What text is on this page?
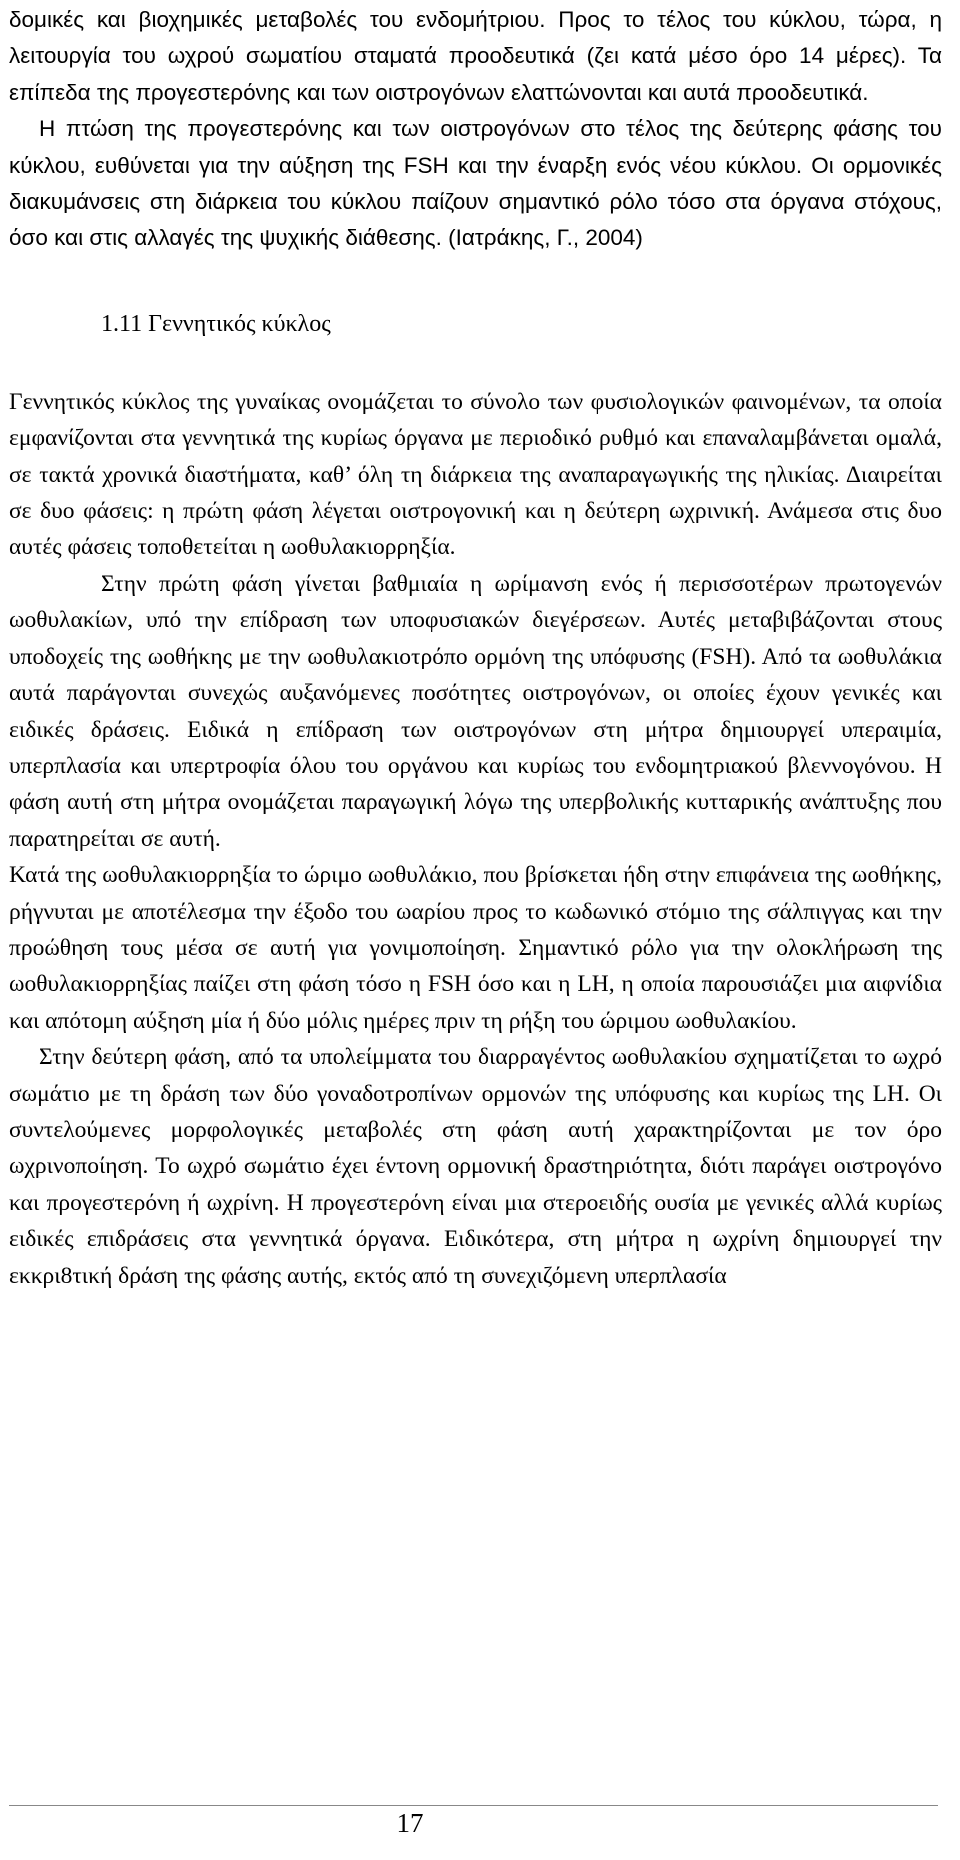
δομικές και βιοχημικές μεταβολές του ενδομήτριου. Προς το τέλος του κύκλου, τώρα, η λειτουργία του ωχρού σωματίου σταματά προοδευτικά (ζει κατά μέσο όρο 14 μέρες). Τα επίπεδα της προγεστερόνης και των οιστρογόνων ελαττώνονται και αυτά προοδευτικά.

Η πτώση της προγεστερόνης και των οιστρογόνων στο τέλος της δεύτερης φάσης του κύκλου, ευθύνεται για την αύξηση της FSH και την έναρξη ενός νέου κύκλου. Οι ορμονικές διακυμάνσεις στη διάρκεια του κύκλου παίζουν σημαντικό ρόλο τόσο στα όργανα στόχους, όσο και στις αλλαγές της ψυχικής διάθεσης. (Ιατράκης, Γ., 2004)

1.11 Γεννητικός κύκλος

Γεννητικός κύκλος της γυναίκας ονομάζεται το σύνολο των φυσιολογικών φαινομένων, τα οποία εμφανίζονται στα γεννητικά της κυρίως όργανα με περιοδικό ρυθμό και επαναλαμβάνεται ομαλά, σε τακτά χρονικά διαστήματα, καθ’ όλη τη διάρκεια της αναπαραγωγικής της ηλικίας. Διαιρείται σε δυο φάσεις: η πρώτη φάση λέγεται οιστρογονική και η δεύτερη ωχρινική. Ανάμεσα στις δυο αυτές φάσεις τοποθετείται η ωοθυλακιορρηξία.

Στην πρώτη φάση γίνεται βαθμιαία η ωρίμανση ενός ή περισσοτέρων πρωτογενών ωοθυλακίων, υπό την επίδραση των υποφυσιακών διεγέρσεων. Αυτές μεταβιβάζονται στους υποδοχείς της ωοθήκης με την ωοθυλακιοτρόπο ορμόνη της υπόφυσης (FSH). Από τα ωοθυλάκια αυτά παράγονται συνεχώς αυξανόμενες ποσότητες οιστρογόνων, οι οποίες έχουν γενικές και ειδικές δράσεις. Ειδικά η επίδραση των οιστρογόνων στη μήτρα δημιουργεί υπεραιμία, υπερπλασία και υπερτροφία όλου του οργάνου και κυρίως του ενδομητριακού βλεννογόνου. Η φάση αυτή στη μήτρα ονομάζεται παραγωγική λόγω της υπερβολικής κυτταρικής ανάπτυξης που παρατηρείται σε αυτή.

Κατά της ωοθυλακιορρηξία το ώριμο ωοθυλάκιο, που βρίσκεται ήδη στην επιφάνεια της ωοθήκης, ρήγνυται με αποτέλεσμα την έξοδο του ωαρίου προς το κωδωνικό στόμιο της σάλπιγγας και την προώθηση τους μέσα σε αυτή για γονιμοποίηση. Σημαντικό ρόλο για την ολοκλήρωση της ωοθυλακιορρηξίας παίζει στη φάση τόσο η FSH όσο και η LH, η οποία παρουσιάζει μια αιφνίδια και απότομη αύξηση μία ή δύο μόλις ημέρες πριν τη ρήξη του ώριμου ωοθυλακίου.

Στην δεύτερη φάση, από τα υπολείμματα του διαρραγέντος ωοθυλακίου σχηματίζεται το ωχρό σωμάτιο με τη δράση των δύο γοναδοτροπίνων ορμονών της υπόφυσης και κυρίως της LH. Οι συντελούμενες μορφολογικές μεταβολές στη φάση αυτή χαρακτηρίζονται με τον όρο ωχρινοποίηση. Το ωχρό σωμάτιο έχει έντονη ορμονική δραστηριότητα, διότι παράγει οιστρογόνο και προγεστερόνη ή ωχρίνη. Η προγεστερόνη είναι μια στεροειδής ουσία με γενικές αλλά κυρίως ειδικές επιδράσεις στα γεννητικά όργανα. Ειδικότερα, στη μήτρα η ωχρίνη δημιουργεί την εκκρι8τική δράση της φάσης αυτής, εκτός από τη συνεχιζόμενη υπερπλασία

17
